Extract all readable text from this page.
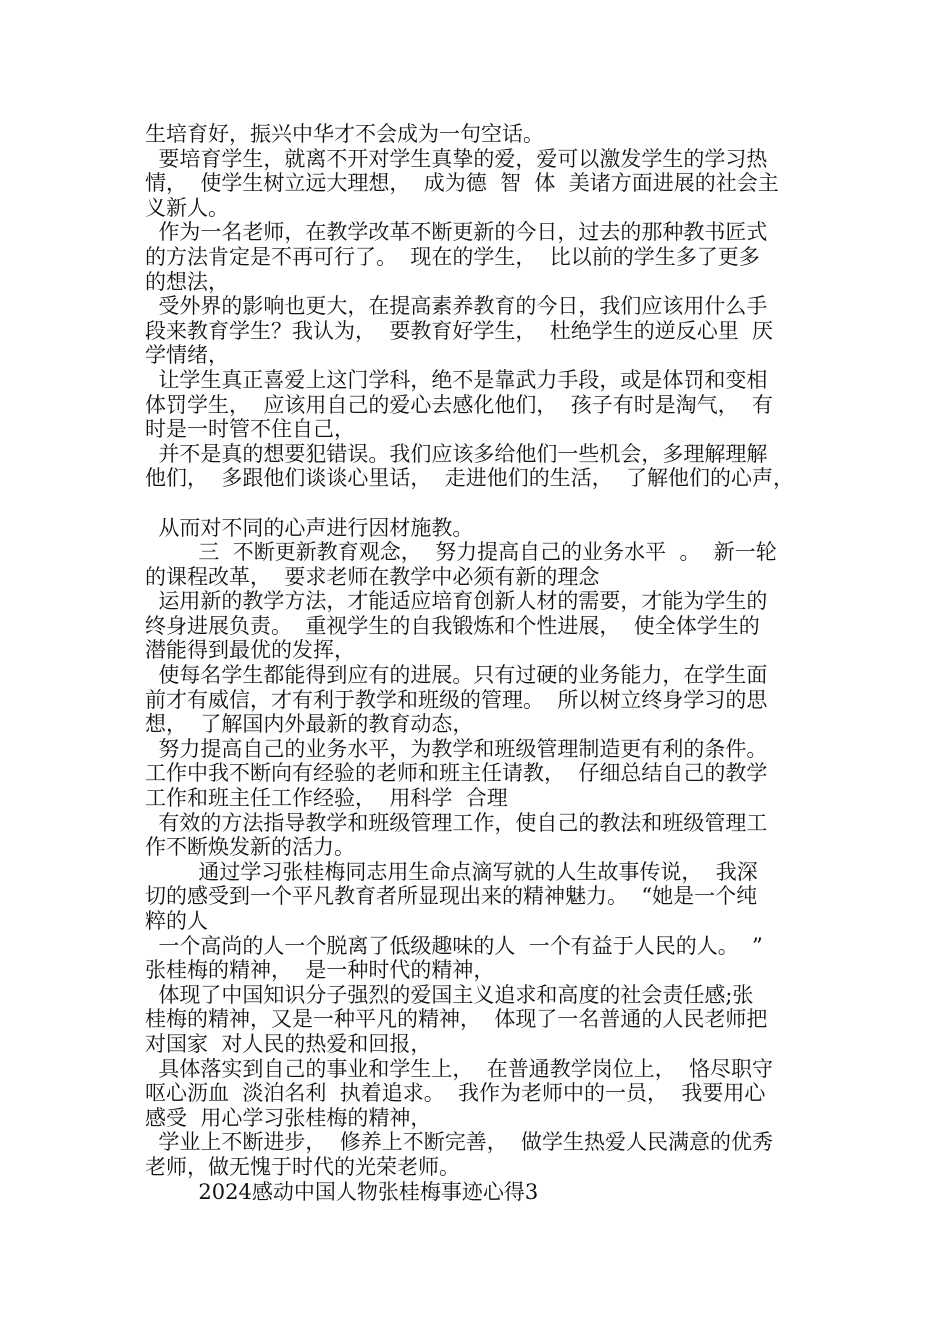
生培育好，振兴中华才不会成为一句空话。
要培育学生，就离不开对学生真挚的爱，爱可以激发学生的学习热
情，  使学生树立远大理想，  成为德  智  体  美诸方面进展的社会主
义新人。
作为一名老师，在教学改革不断更新的今日，过去的那种教书匠式
的方法肯定是不再可行了。  现在的学生，  比以前的学生多了更多
的想法，
受外界的影响也更大，在提高素养教育的今日，我们应该用什么手
段来教育学生？我认为，  要教育好学生，  杜绝学生的逆反心里  厌
学情绪，
让学生真正喜爱上这门学科，绝不是靠武力手段，或是体罚和变相
体罚学生，  应该用自己的爱心去感化他们，  孩子有时是淘气，  有
时是一时管不住自己，
并不是真的想要犯错误。我们应该多给他们一些机会，多理解理解
他们，  多跟他们谈谈心里话，  走进他们的生活，  了解他们的心声，
从而对不同的心声进行因材施教。
三  不断更新教育观念，  努力提高自己的业务水平  。  新一轮
的课程改革，  要求老师在教学中必须有新的理念
运用新的教学方法，才能适应培育创新人材的需要，才能为学生的
终身进展负责。  重视学生的自我锻炼和个性进展，  使全体学生的
潜能得到最优的发挥，
使每名学生都能得到应有的进展。只有过硬的业务能力，在学生面
前才有威信，才有利于教学和班级的管理。  所以树立终身学习的思
想，  了解国内外最新的教育动态，
努力提高自己的业务水平，为教学和班级管理制造更有利的条件。
工作中我不断向有经验的老师和班主任请教，  仔细总结自己的教学
工作和班主任工作经验，  用科学  合理
有效的方法指导教学和班级管理工作，使自己的教法和班级管理工
作不断焕发新的活力。
通过学习张桂梅同志用生命点滴写就的人生故事传说，  我深
切的感受到一个平凡教育者所显现出来的精神魅力。  “她是一个纯
粹的人
一个高尚的人一个脱离了低级趣味的人  一个有益于人民的人。  ”
张桂梅的精神，  是一种时代的精神，
体现了中国知识分子强烈的爱国主义追求和高度的社会责任感;张
桂梅的精神，又是一种平凡的精神，  体现了一名普通的人民老师把
对国家  对人民的热爱和回报，
具体落实到自己的事业和学生上，  在普通教学岗位上，  恪尽职守
呕心沥血  淡泊名利  执着追求。  我作为老师中的一员，  我要用心
感受  用心学习张桂梅的精神，
学业上不断进步，  修养上不断完善，  做学生热爱人民满意的优秀
老师，做无愧于时代的光荣老师。
2024感动中国人物张桂梅事迹心得3
